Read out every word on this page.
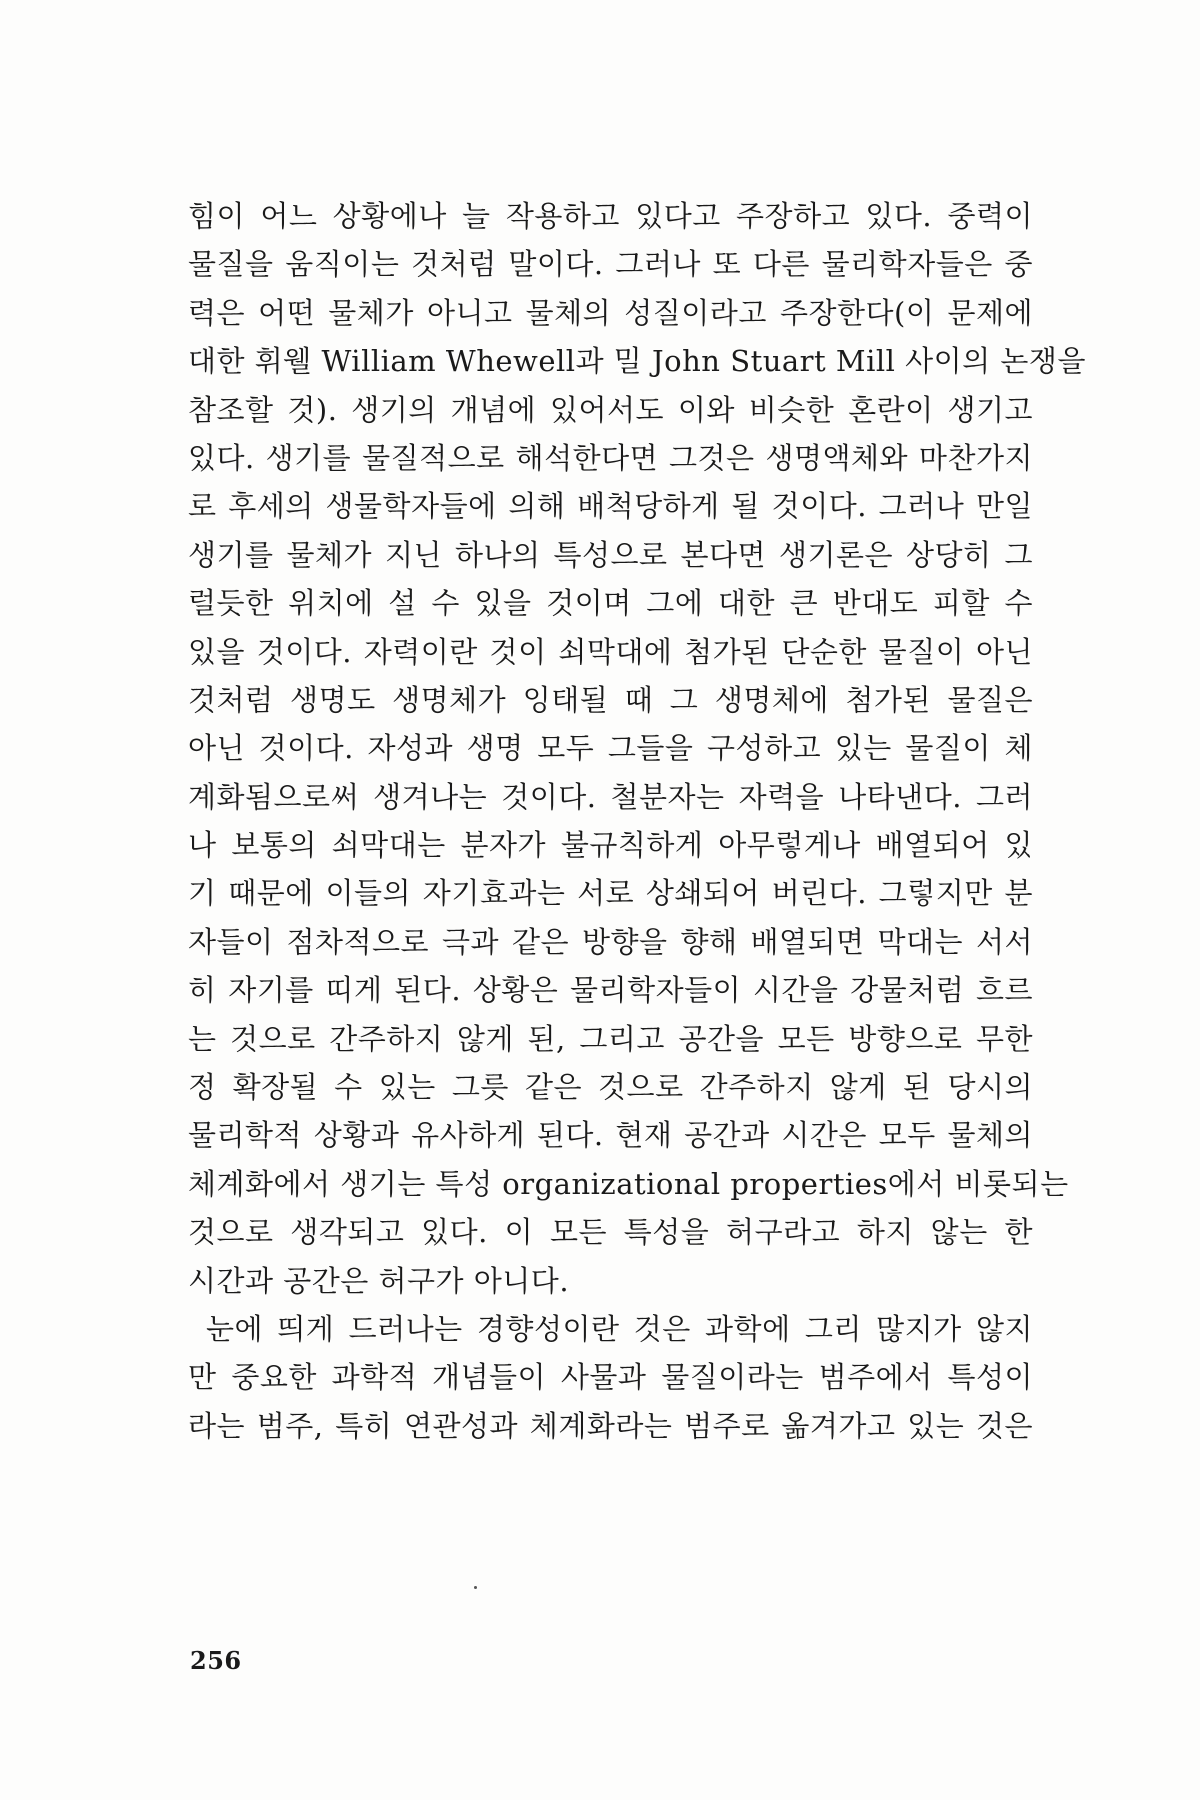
힘이 어느 상황에나 늘 작용하고 있다고 주장하고 있다. 중력이
물질을 움직이는 것처럼 말이다. 그러나 또 다른 물리학자들은 중
력은 어떤 물체가 아니고 물체의 성질이라고 주장한다(이 문제에
대한 휘웰 William Whewell과 밀 John Stuart Mill 사이의 논쟁을
참조할 것). 생기의 개념에 있어서도 이와 비슷한 혼란이 생기고
있다. 생기를 물질적으로 해석한다면 그것은 생명액체와 마찬가지
로 후세의 생물학자들에 의해 배척당하게 될 것이다. 그러나 만일
생기를 물체가 지닌 하나의 특성으로 본다면 생기론은 상당히 그
럴듯한 위치에 설 수 있을 것이며 그에 대한 큰 반대도 피할 수
있을 것이다. 자력이란 것이 쇠막대에 첨가된 단순한 물질이 아닌
것처럼 생명도 생명체가 잉태될 때 그 생명체에 첨가된 물질은
아닌 것이다. 자성과 생명 모두 그들을 구성하고 있는 물질이 체
계화됨으로써 생겨나는 것이다. 철분자는 자력을 나타낸다. 그러
나 보통의 쇠막대는 분자가 불규칙하게 아무렇게나 배열되어 있
기 때문에 이들의 자기효과는 서로 상쇄되어 버린다. 그렇지만 분
자들이 점차적으로 극과 같은 방향을 향해 배열되면 막대는 서서
히 자기를 띠게 된다. 상황은 물리학자들이 시간을 강물처럼 흐르
는 것으로 간주하지 않게 된, 그리고 공간을 모든 방향으로 무한
정 확장될 수 있는 그릇 같은 것으로 간주하지 않게 된 당시의
물리학적 상황과 유사하게 된다. 현재 공간과 시간은 모두 물체의
체계화에서 생기는 특성 organizational properties에서 비롯되는
것으로 생각되고 있다. 이 모든 특성을 허구라고 하지 않는 한
시간과 공간은 허구가 아니다.
눈에 띄게 드러나는 경향성이란 것은 과학에 그리 많지가 않지
만 중요한 과학적 개념들이 사물과 물질이라는 범주에서 특성이
라는 범주, 특히 연관성과 체계화라는 범주로 옮겨가고 있는 것은
256
